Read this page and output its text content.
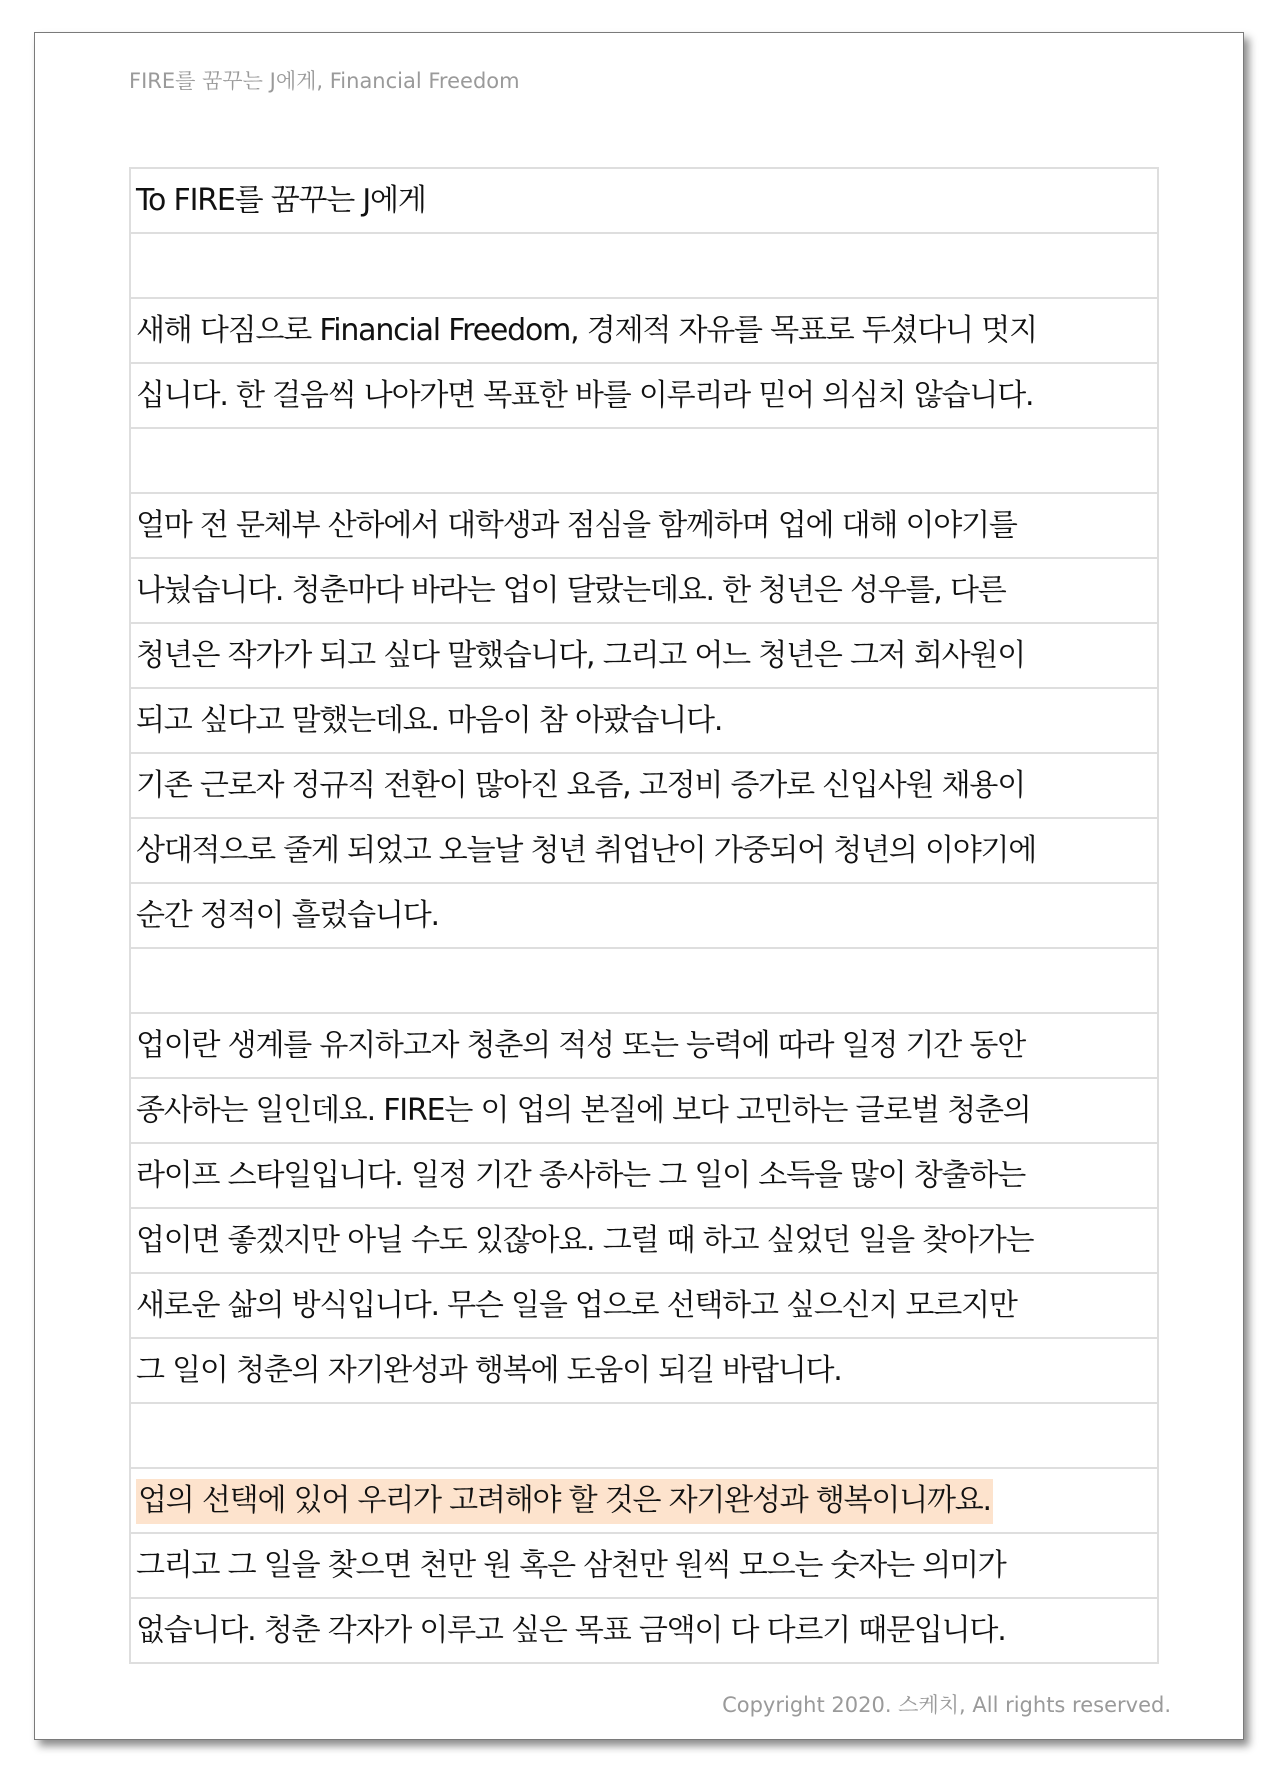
FIRE를 꿈꾸는 J에게, Financial Freedom
To FIRE를 꿈꾸는 J에게

새해 다짐으로 Financial Freedom, 경제적 자유를 목표로 두셨다니 멋지
십니다. 한 걸음씩 나아가면 목표한 바를 이루리라 믿어 의심치 않습니다.

얼마 전 문체부 산하에서 대학생과 점심을 함께하며 업에 대해 이야기를
나눴습니다. 청춘마다 바라는 업이 달랐는데요. 한 청년은 성우를, 다른
청년은 작가가 되고 싶다 말했습니다, 그리고 어느 청년은 그저 회사원이
되고 싶다고 말했는데요. 마음이 참 아팠습니다.
기존 근로자 정규직 전환이 많아진 요즘, 고정비 증가로 신입사원 채용이
상대적으로 줄게 되었고 오늘날 청년 취업난이 가중되어 청년의 이야기에
순간 정적이 흘렀습니다.

업이란 생계를 유지하고자 청춘의 적성 또는 능력에 따라 일정 기간 동안
종사하는 일인데요. FIRE는 이 업의 본질에 보다 고민하는 글로벌 청춘의
라이프 스타일입니다. 일정 기간 종사하는 그 일이 소득을 많이 창출하는
업이면 좋겠지만 아닐 수도 있잖아요. 그럴 때 하고 싶었던 일을 찾아가는
새로운 삶의 방식입니다. 무슨 일을 업으로 선택하고 싶으신지 모르지만
그 일이 청춘의 자기완성과 행복에 도움이 되길 바랍니다.

업의 선택에 있어 우리가 고려해야 할 것은 자기완성과 행복이니까요.
그리고 그 일을 찾으면 천만 원 혹은 삼천만 원씩 모으는 숫자는 의미가
없습니다. 청춘 각자가 이루고 싶은 목표 금액이 다 다르기 때문입니다.
Copyright 2020. 스케치, All rights reserved.
